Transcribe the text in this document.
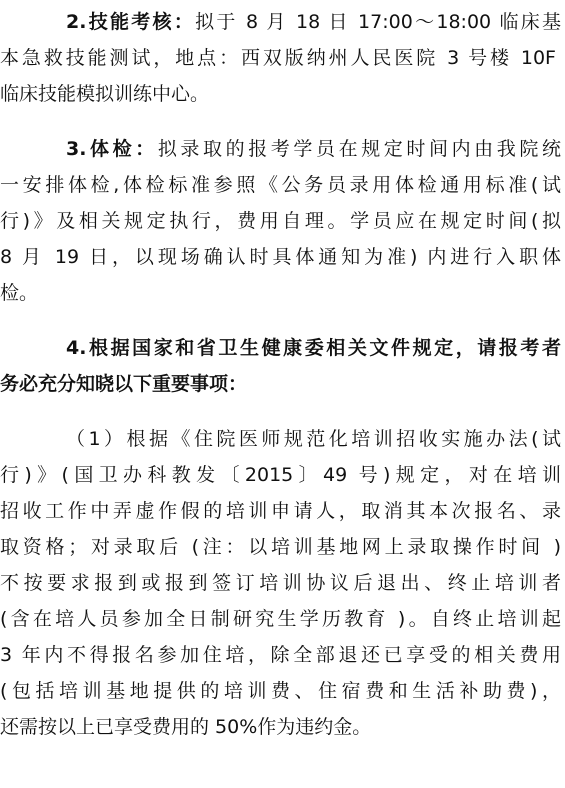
2.技能考核：拟于 8 月 18 日 17:00～18:00 临床基
本急救技能测试，地点：西双版纳州人民医院 3 号楼 10F
临床技能模拟训练中心。
3.体检：拟录取的报考学员在规定时间内由我院统
一安排体检,体检标准参照《公务员录用体检通用标准(试
行)》及相关规定执行，费用自理。学员应在规定时间(拟
8 月 19 日，以现场确认时具体通知为准) 内进行入职体
检。
4.根据国家和省卫生健康委相关文件规定，请报考者
务必充分知晓以下重要事项：
（1）根据《住院医师规范化培训招收实施办法(试
行)》(国卫办科教发〔2015〕49 号)规定，对在培训
招收工作中弄虚作假的培训申请人，取消其本次报名、录
取资格；对录取后 (注：以培训基地网上录取操作时间 )
不按要求报到或报到签订培训协议后退出、终止培训者
(含在培人员参加全日制研究生学历教育 )。自终止培训起
3 年内不得报名参加住培，除全部退还已享受的相关费用
(包括培训基地提供的培训费、住宿费和生活补助费)，
还需按以上已享受费用的 50%作为违约金。
